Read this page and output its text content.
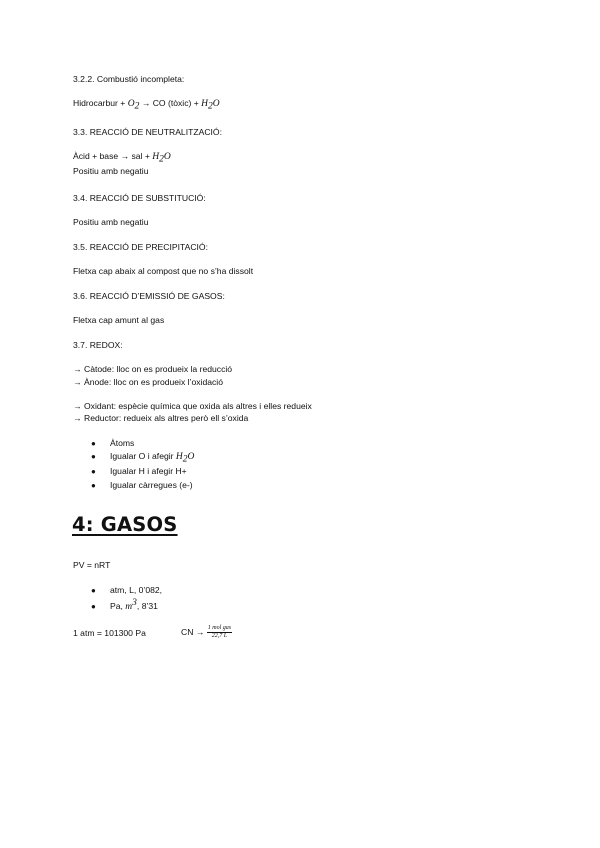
3.2.2. Combustió incompleta:
Hidrocarbur + $O_2$ → CO (tòxic) + $H_2O$
3.3. REACCIÓ DE NEUTRALITZACIÓ:
Àcid + base → sal + $H_2O$
Positiu amb negatiu
3.4. REACCIÓ DE SUBSTITUCIÓ:
Positiu amb negatiu
3.5. REACCIÓ DE PRECIPITACIÓ:
Fletxa cap abaix al compost que no s’ha dissolt
3.6. REACCIÓ D’EMISSIÓ DE GASOS:
Fletxa cap amunt al gas
3.7. REDOX:
→ Càtode: lloc on es produeix la reducció
→ Ànode: lloc on es produeix l’oxidació
→ Oxidant: espècie química que oxida als altres i elles redueix
→ Reductor: redueix als altres però ell s’oxida
● Àtoms
● Igualar O i afegir $H_2O$
● Igualar H i afegir H+
● Igualar càrregues (e-)
4: GASOS
PV = nRT
● atm, L, 0’082,
● Pa, $m^3$, 8’31
1 atm = 101300 Pa	CN → $\frac{\text{1 mol gas}}{22,7 L}$
